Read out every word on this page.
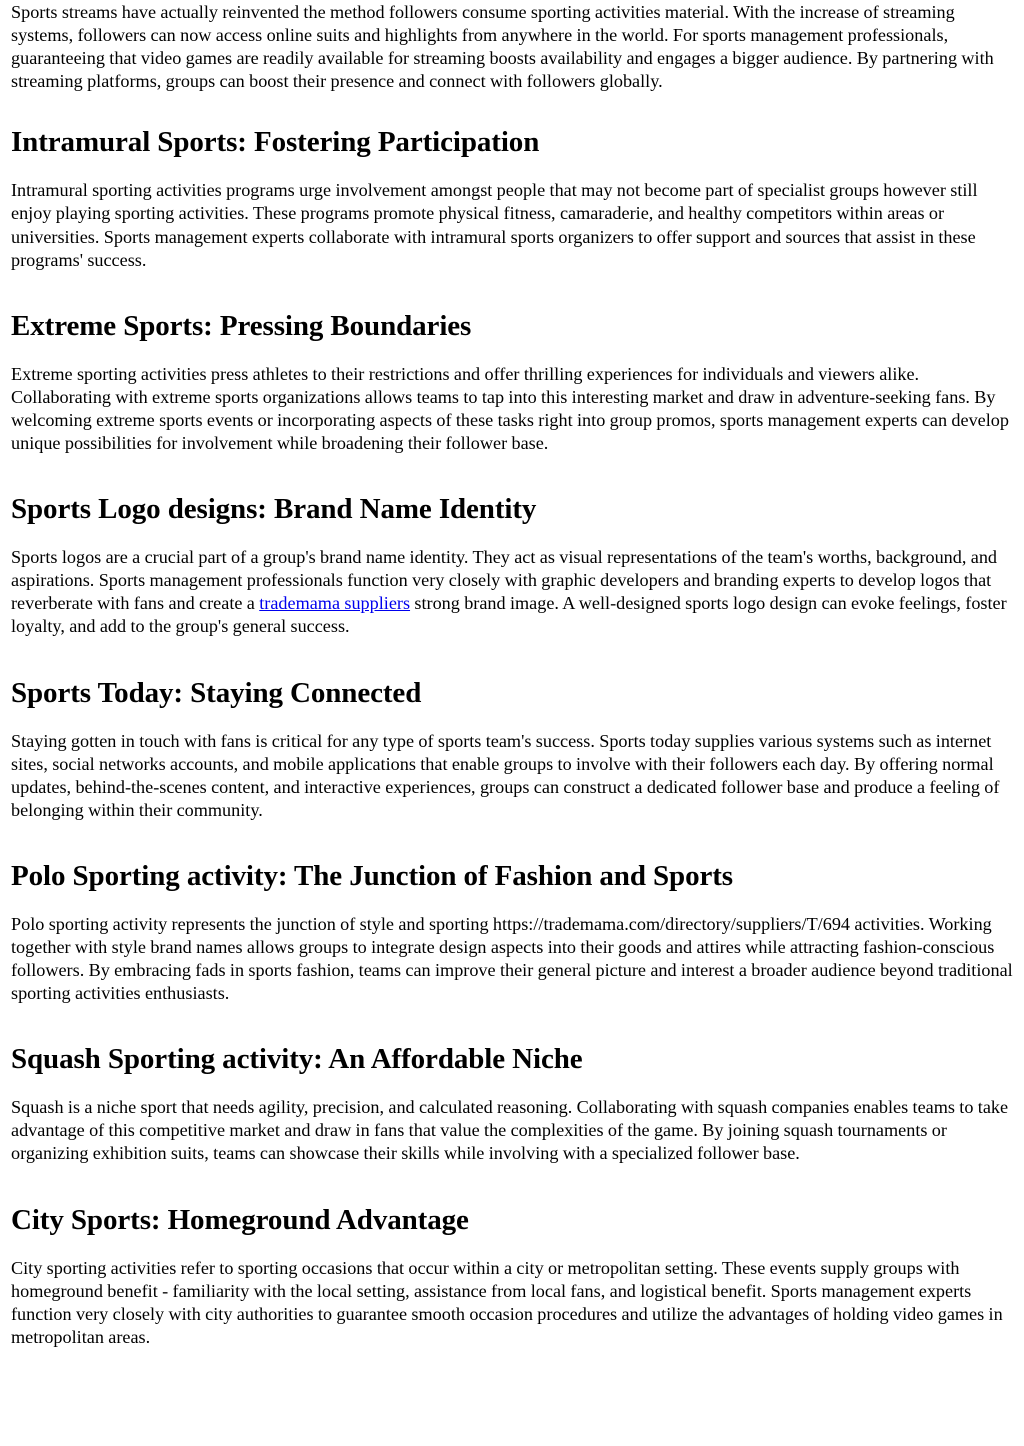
Sports streams have actually reinvented the method followers consume sporting activities material. With the increase of streaming systems, followers can now access online suits and highlights from anywhere in the world. For sports management professionals, guaranteeing that video games are readily available for streaming boosts availability and engages a bigger audience. By partnering with streaming platforms, groups can boost their presence and connect with followers globally.

Intramural Sports: Fostering Participation

Intramural sporting activities programs urge involvement amongst people that may not become part of specialist groups however still enjoy playing sporting activities. These programs promote physical fitness, camaraderie, and healthy competitors within areas or universities. Sports management experts collaborate with intramural sports organizers to offer support and sources that assist in these programs' success.

Extreme Sports: Pressing Boundaries

Extreme sporting activities press athletes to their restrictions and offer thrilling experiences for individuals and viewers alike. Collaborating with extreme sports organizations allows teams to tap into this interesting market and draw in adventure-seeking fans. By welcoming extreme sports events or incorporating aspects of these tasks right into group promos, sports management experts can develop unique possibilities for involvement while broadening their follower base.

Sports Logo designs: Brand Name Identity

Sports logos are a crucial part of a group's brand name identity. They act as visual representations of the team's worths, background, and aspirations. Sports management professionals function very closely with graphic developers and branding experts to develop logos that reverberate with fans and create a trademama suppliers strong brand image. A well-designed sports logo design can evoke feelings, foster loyalty, and add to the group's general success.

Sports Today: Staying Connected

Staying gotten in touch with fans is critical for any type of sports team's success. Sports today supplies various systems such as internet sites, social networks accounts, and mobile applications that enable groups to involve with their followers each day. By offering normal updates, behind-the-scenes content, and interactive experiences, groups can construct a dedicated follower base and produce a feeling of belonging within their community.

Polo Sporting activity: The Junction of Fashion and Sports

Polo sporting activity represents the junction of style and sporting https://trademama.com/directory/suppliers/T/694 activities. Working together with style brand names allows groups to integrate design aspects into their goods and attires while attracting fashion-conscious followers. By embracing fads in sports fashion, teams can improve their general picture and interest a broader audience beyond traditional sporting activities enthusiasts.

Squash Sporting activity: An Affordable Niche

Squash is a niche sport that needs agility, precision, and calculated reasoning. Collaborating with squash companies enables teams to take advantage of this competitive market and draw in fans that value the complexities of the game. By joining squash tournaments or organizing exhibition suits, teams can showcase their skills while involving with a specialized follower base.

City Sports: Homeground Advantage

City sporting activities refer to sporting occasions that occur within a city or metropolitan setting. These events supply groups with homeground benefit - familiarity with the local setting, assistance from local fans, and logistical benefit. Sports management experts function very closely with city authorities to guarantee smooth occasion procedures and utilize the advantages of holding video games in metropolitan areas.
